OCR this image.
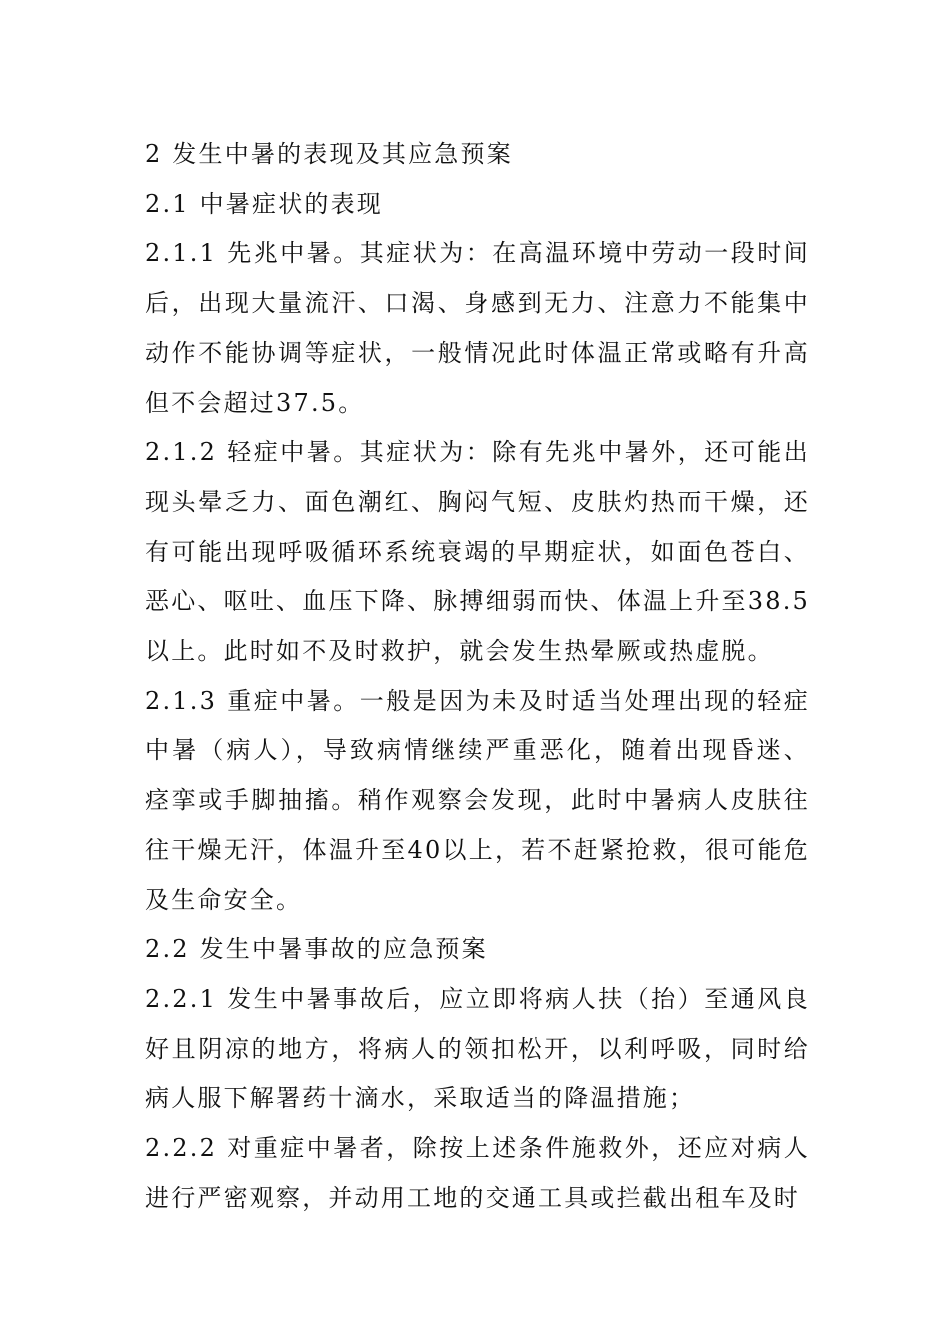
2 发生中暑的表现及其应急预案

2.1 中暑症状的表现

2.1.1 先兆中暑。其症状为：在高温环境中劳动一段时间后，出现大量流汗、口渴、身感到无力、注意力不能集中动作不能协调等症状，一般情况此时体温正常或略有升高但不会超过37.5。

2.1.2 轻症中暑。其症状为：除有先兆中暑外，还可能出现头晕乏力、面色潮红、胸闷气短、皮肤灼热而干燥，还有可能出现呼吸循环系统衰竭的早期症状，如面色苍白、恶心、呕吐、血压下降、脉搏细弱而快、体温上升至38.5以上。此时如不及时救护，就会发生热晕厥或热虚脱。

2.1.3 重症中暑。一般是因为未及时适当处理出现的轻症中暑（病人），导致病情继续严重恶化，随着出现昏迷、痉挛或手脚抽搐。稍作观察会发现，此时中暑病人皮肤往往干燥无汗，体温升至40以上，若不赶紧抢救，很可能危及生命安全。

2.2 发生中暑事故的应急预案

2.2.1 发生中暑事故后，应立即将病人扶（抬）至通风良好且阴凉的地方，将病人的领扣松开，以利呼吸，同时给病人服下解署药十滴水，采取适当的降温措施；

2.2.2 对重症中暑者，除按上述条件施救外，还应对病人进行严密观察，并动用工地的交通工具或拦截出租车及时
